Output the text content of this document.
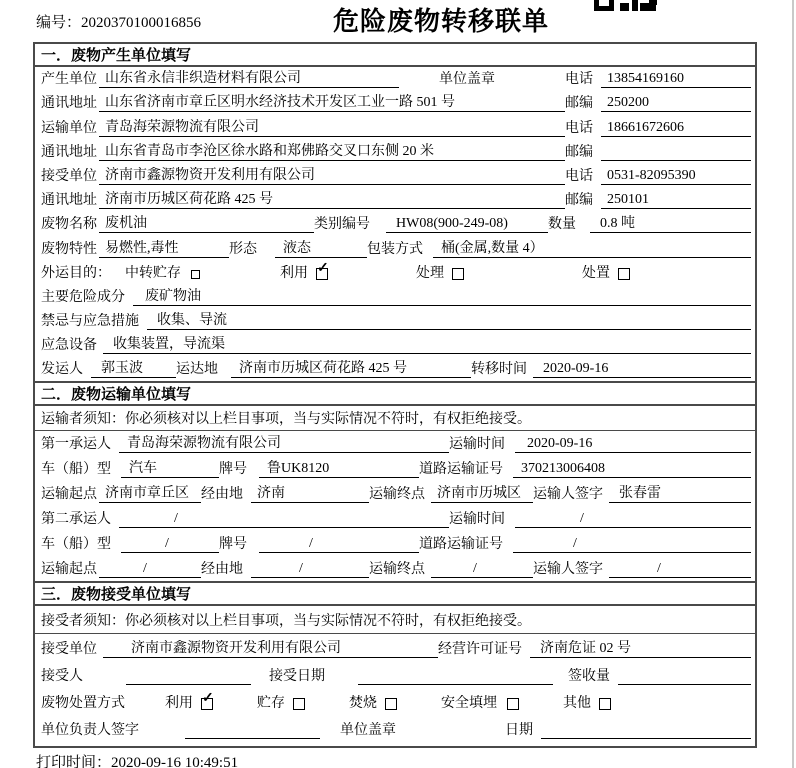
编号：2020370100016856	危险废物转移联单
一．废物产生单位填写
产生单位 山东省永信非织造材料有限公司	单位盖章	电话	13854169160
通讯地址 山东省济南市章丘区明水经济技术开发区工业一路 501 号	邮编	250200
运输单位 青岛海荣源物流有限公司	电话	18661672606
通讯地址 山东省青岛市李沧区徐水路和郑佛路交叉口东侧 20 米	邮编
接受单位 济南市鑫源物资开发利用有限公司	电话	0531-82095390
通讯地址 济南市历城区荷花路 425 号	邮编	250101
废物名称 废机油	类别编号	HW08(900-249-08)	数量	0.8 吨
废物特性 易燃性,毒性	形态	液态	包装方式	桶(金属,数量 4）
外运目的：	中转贮存	利用 ✓	处理	处置
主要危险成分	废矿物油
禁忌与应急措施	收集、导流
应急设备	收集装置，导流渠
发运人	郭玉波	运达地	济南市历城区荷花路 425 号	转移时间	2020-09-16
二．废物运输单位填写
运输者须知：你必须核对以上栏目事项，当与实际情况不符时，有权拒绝接受。
第一承运人	青岛海荣源物流有限公司	运输时间	2020-09-16
车（船）型	汽车	牌号	鲁UK8120	道路运输证号	370213006408
运输起点 济南市章丘区 经由地	济南	运输终点 济南市历城区 运输人签字	张春雷
第二承运人	/	运输时间	/
车（船）型	/	牌号	/	道路运输证号	/
运输起点	/	经由地	/	运输终点	/	运输人签字	/
三．废物接受单位填写
接受者须知：你必须核对以上栏目事项，当与实际情况不符时，有权拒绝接受。
接受单位	济南市鑫源物资开发利用有限公司	经营许可证号	济南危证 02 号
接受人	接受日期	签收量
废物处置方式	利用 ✓	贮存	焚烧	安全填埋	其他
单位负责人签字	单位盖章	日期
打印时间：2020-09-16 10:49:51
